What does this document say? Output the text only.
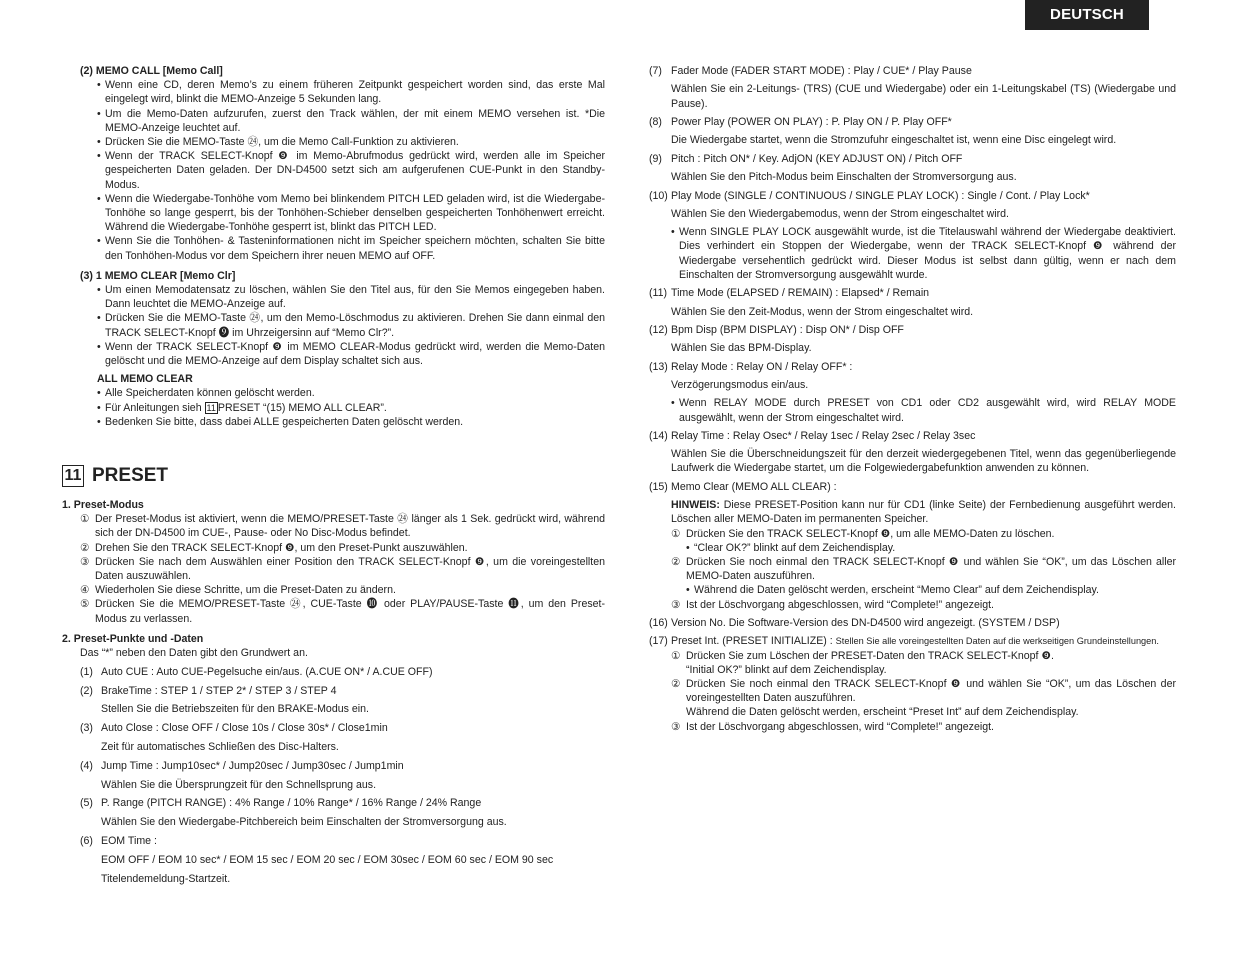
DEUTSCH
(2) MEMO CALL [Memo Call]
• Wenn eine CD, deren Memo’s zu einem früheren Zeitpunkt gespeichert worden sind, das erste Mal eingelegt wird, blinkt die MEMO-Anzeige 5 Sekunden lang.
• Um die Memo-Daten aufzurufen, zuerst den Track wählen, der mit einem MEMO versehen ist. *Die MEMO-Anzeige leuchtet auf.
• Drücken Sie die MEMO-Taste ㉔, um die Memo Call-Funktion zu aktivieren.
• Wenn der TRACK SELECT-Knopf ❾ im Memo-Abrufmodus gedrückt wird, werden alle im Speicher gespeicherten Daten geladen. Der DN-D4500 setzt sich am aufgerufenen CUE-Punkt in den Standby-Modus.
• Wenn die Wiedergabe-Tonhöhe vom Memo bei blinkendem PITCH LED geladen wird, ist die Wiedergabe-Tonhöhe so lange gesperrt, bis der Tonhöhen-Schieber denselben gespeicherten Tonhöhenwert erreicht. Während die Wiedergabe-Tonhöhe gesperrt ist, blinkt das PITCH LED.
• Wenn Sie die Tonhöhen- & Tasteninformationen nicht im Speicher speichern möchten, schalten Sie bitte den Tonhöhen-Modus vor dem Speichern ihrer neuen MEMO auf OFF.
(3) 1 MEMO CLEAR [Memo Clr]
• Um einen Memodatensatz zu löschen, wählen Sie den Titel aus, für den Sie Memos eingegeben haben. Dann leuchtet die MEMO-Anzeige auf.
• Drücken Sie die MEMO-Taste ㉔, um den Memo-Löschmodus zu aktivieren. Drehen Sie dann einmal den TRACK SELECT-Knopf ❾ im Uhrzeigersinn auf “Memo Clr?”.
• Wenn der TRACK SELECT-Knopf ❾ im MEMO CLEAR-Modus gedrückt wird, werden die Memo-Daten gelöscht und die MEMO-Anzeige auf dem Display schaltet sich aus.
ALL MEMO CLEAR
• Alle Speicherdaten können gelöscht werden.
• Für Anleitungen sieh 11 PRESET “(15) MEMO ALL CLEAR”.
• Bedenken Sie bitte, dass dabei ALLE gespeicherten Daten gelöscht werden.
11 PRESET
1. Preset-Modus
① Der Preset-Modus ist aktiviert, wenn die MEMO/PRESET-Taste ㉔ länger als 1 Sek. gedrückt wird, während sich der DN-D4500 im CUE-, Pause- oder No Disc-Modus befindet.
② Drehen Sie den TRACK SELECT-Knopf ❾, um den Preset-Punkt auszuwählen.
③ Drücken Sie nach dem Auswählen einer Position den TRACK SELECT-Knopf ❾, um die voreingestellten Daten auszuwählen.
④ Wiederholen Sie diese Schritte, um die Preset-Daten zu ändern.
⑤ Drücken Sie die MEMO/PRESET-Taste ㉔, CUE-Taste ❿ oder PLAY/PAUSE-Taste ⓫, um den Preset-Modus zu verlassen.
2. Preset-Punkte und -Daten
Das “*” neben den Daten gibt den Grundwert an.
(1) Auto CUE : Auto CUE-Pegelsuche ein/aus. (A.CUE ON* / A.CUE OFF)
(2) BrakeTime : STEP 1 / STEP 2* / STEP 3 / STEP 4
Stellen Sie die Betriebszeiten für den BRAKE-Modus ein.
(3) Auto Close : Close OFF / Close 10s / Close 30s* / Close1min
Zeit für automatisches Schließen des Disc-Halters.
(4) Jump Time : Jump10sec* / Jump20sec / Jump30sec / Jump1min
Wählen Sie die Übersprungzeit für den Schnellsprung aus.
(5) P. Range (PITCH RANGE) : 4% Range / 10% Range* / 16% Range / 24% Range
Wählen Sie den Wiedergabe-Pitchbereich beim Einschalten der Stromversorgung aus.
(6) EOM Time :
EOM OFF / EOM 10 sec* / EOM 15 sec / EOM 20 sec / EOM 30sec / EOM 60 sec / EOM 90 sec
Titelendemeldung-Startzeit.
(7) Fader Mode (FADER START MODE) : Play / CUE* / Play Pause
Wählen Sie ein 2-Leitungs- (TRS) (CUE und Wiedergabe) oder ein 1-Leitungskabel (TS) (Wiedergabe und Pause).
(8) Power Play (POWER ON PLAY) : P. Play ON / P. Play OFF*
Die Wiedergabe startet, wenn die Stromzufuhr eingeschaltet ist, wenn eine Disc eingelegt wird.
(9) Pitch : Pitch ON* / Key. AdjON (KEY ADJUST ON) / Pitch OFF
Wählen Sie den Pitch-Modus beim Einschalten der Stromversorgung aus.
(10) Play Mode (SINGLE / CONTINUOUS / SINGLE PLAY LOCK) : Single / Cont. / Play Lock*
Wählen Sie den Wiedergabemodus, wenn der Strom eingeschaltet wird.
• Wenn SINGLE PLAY LOCK ausgewählt wurde, ist die Titelauswahl während der Wiedergabe deaktiviert. Dies verhindert ein Stoppen der Wiedergabe, wenn der TRACK SELECT-Knopf ❾ während der Wiedergabe versehentlich gedrückt wird. Dieser Modus ist selbst dann gültig, wenn er nach dem Einschalten der Stromversorgung ausgewählt wurde.
(11) Time Mode (ELAPSED / REMAIN) : Elapsed* / Remain
Wählen Sie den Zeit-Modus, wenn der Strom eingeschaltet wird.
(12) Bpm Disp (BPM DISPLAY) : Disp ON* / Disp OFF
Wählen Sie das BPM-Display.
(13) Relay Mode : Relay ON / Relay OFF* :
Verzögerungsmodus ein/aus.
• Wenn RELAY MODE durch PRESET von CD1 oder CD2 ausgewählt wird, wird RELAY MODE ausgewählt, wenn der Strom eingeschaltet wird.
(14) Relay Time : Relay Osec* / Relay 1sec / Relay 2sec / Relay 3sec
Wählen Sie die Überschneidungszeit für den derzeit wiedergegebenen Titel, wenn das gegenüberliegende Laufwerk die Wiedergabe startet, um die Folgewiedergabefunktion anwenden zu können.
(15) Memo Clear (MEMO ALL CLEAR) :
HINWEIS: Diese PRESET-Position kann nur für CD1 (linke Seite) der Fernbedienung ausgeführt werden. Löschen aller MEMO-Daten im permanenten Speicher.
① Drücken Sie den TRACK SELECT-Knopf ❾, um alle MEMO-Daten zu löschen.
• “Clear OK?” blinkt auf dem Zeichendisplay.
② Drücken Sie noch einmal den TRACK SELECT-Knopf ❾ und wählen Sie “OK”, um das Löschen aller MEMO-Daten auszuführen.
• Während die Daten gelöscht werden, erscheint “Memo Clear” auf dem Zeichendisplay.
③ Ist der Löschvorgang abgeschlossen, wird “Complete!” angezeigt.
(16) Version No. Die Software-Version des DN-D4500 wird angezeigt. (SYSTEM / DSP)
(17) Preset Int. (PRESET INITIALIZE) : Stellen Sie alle voreingestellten Daten auf die werkseitigen Grundeinstellungen.
① Drücken Sie zum Löschen der PRESET-Daten den TRACK SELECT-Knopf ❾.
“Initial OK?” blinkt auf dem Zeichendisplay.
② Drücken Sie noch einmal den TRACK SELECT-Knopf ❾ und wählen Sie “OK”, um das Löschen der voreingestellten Daten auszuführen.
Während die Daten gelöscht werden, erscheint “Preset Int” auf dem Zeichendisplay.
③ Ist der Löschvorgang abgeschlossen, wird “Complete!” angezeigt.
